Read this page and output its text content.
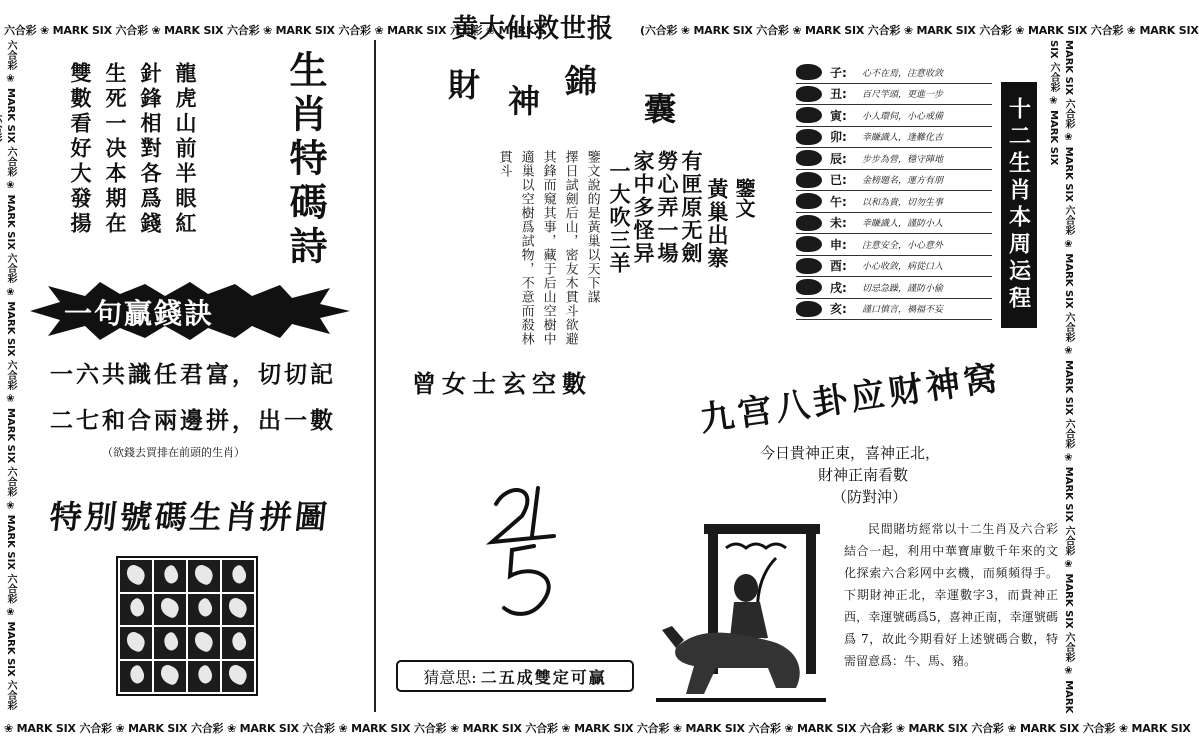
六合彩 ❀ MARK SIX 六合彩 ❀ MARK SIX 六合彩 ❀ MARK SIX 六合彩 ❀ MARK SIX 六合彩 ❀ MARK S	(六合彩 ❀ MARK SIX 六合彩 ❀ MARK SIX 六合彩 ❀ MARK SIX 六合彩 ❀ MARK SIX 六合彩 ❀ MARK SIX
❀ MARK SIX 六合彩 ❀ MARK SIX 六合彩 ❀ MARK SIX 六合彩 ❀ MARK SIX 六合彩 ❀ MARK SIX 六合彩 ❀ MARK SIX 六合彩 ❀ MARK SIX 六合彩 ❀ MARK SIX 六合彩 ❀ MARK SIX 六合彩 ❀ MARK SIX 六合彩 ❀ MARK SIX
六合彩 ❀ MARK SIX 六合彩 ❀ MARK SIX 六合彩 ❀ MARK SIX 六合彩 ❀ MARK SIX 六合彩 ❀ MARK SIX 六合彩 ❀ MARK SIX 六合彩	MARK SIX 六合彩 ❀ MARK SIX 六合彩 ❀ MARK SIX 六合彩 ❀ MARK SIX 六合彩 ❀ MARK SIX 六合彩 ❀ MARK SIX 六合彩 ❀ MARK SIX 六合彩 ❀ MARK SIX
黄大仙救世报
龍虎山前半眼紅
針鋒相對各爲錢
生死一决本期在
雙數看好大發揚	生肖特碼詩
一句贏錢訣
一六共識任君富，切切記
二七和合兩邊拼，出一數
（欲錢去買排在前頭的生肖）
特別號碼生肖拼圖
財 神
錦
囊
鑒文
黃巢出寨
有匣原无劍
勞心弄一場
家中多怪异
一大吹三羊
鑒文說的是黃巢以天下謀
擇日試劍后山，密友木貫斗欲避
其鋒而窺其事，藏于后山空樹中
適巢以空樹爲試物，不意而殺林
貫斗
子:	心不在焉，注意收敛
丑:	百尺竿頭，更進一步
寅:	小人環伺，小心戒備
卯:	幸賺識人，逢難化吉
辰:	步步為營，穩守陣地
已:	金榜題名，運方有朋
午:	以和為貴，切勿生事
未:	幸賺識人，謹防小人
申:	注意安全，小心意外
酉:	小心收敛，病從口入
戌:	切忌急躁，謹防小偷
亥:	謹口慎言，禍福不妄	十二生肖本周运程
曾女士玄空數
猜意思: 二五成雙定可贏
九宫八卦应财神窝
今日貴神正東，喜神正北，
財神正南看數
（防對沖）
民間賭坊經常以十二生肖及六合彩結合一起，利用中華寶庫數千年來的文化探索六合彩网中玄機，而頻頻得手。下期財神正北，幸運數字3，而貴神正西，幸運號碼爲5，喜神正南，幸運號碼爲 7，故此今期看好上述號碼合數，特需留意爲：牛、馬、豬。
